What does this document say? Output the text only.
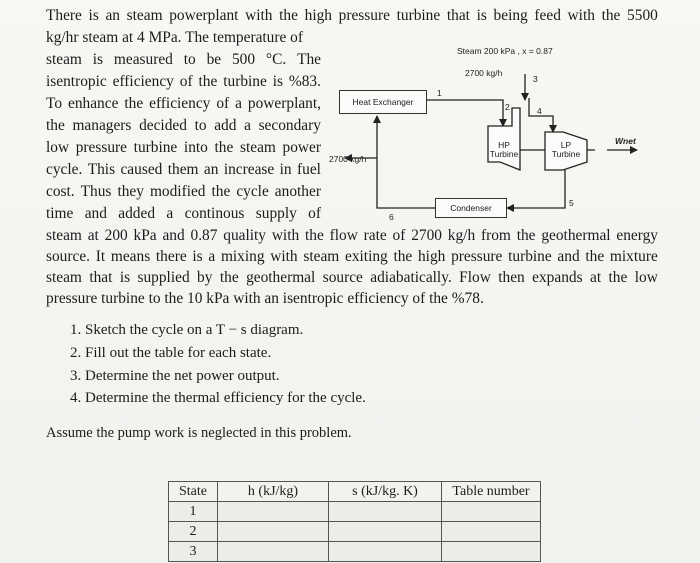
There is an steam powerplant with the high pressure turbine that is being feed with the 5500
kg/hr steam at 4 MPa. The temperature of
steam is measured to be 500 °C. The
isentropic efficiency of the turbine is %83.
To enhance the efficiency of a powerplant,
the managers decided to add a secondary
low pressure turbine into the steam power
cycle. This caused them an increase in fuel
cost. Thus they modified the cycle another
time and added a continous supply of
steam at 200 kPa and 0.87 quality with the flow rate of 2700 kg/h from the geothermal energy
source. It means there is a mixing with steam exiting the high pressure turbine and the mixture
steam that is supplied by the geothermal source adiabatically. Flow then expands at the low
pressure turbine to the 10 kPa with an isentropic efficiency of the %78.
Steam 200 kPa , x = 0.87
2700 kg/h
2700 kg/h
Heat Exchanger
Condenser
HP
Turbine
LP
Turbine
Wnet
1
2
3
4
5
6
1. Sketch the cycle on a T − s diagram.
2. Fill out the table for each state.
3. Determine the net power output.
4. Determine the thermal efficiency for the cycle.
Assume the pump work is neglected in this problem.
State	h (kJ/kg)	s (kJ/kg. K)	Table number
1			
2			
3			
